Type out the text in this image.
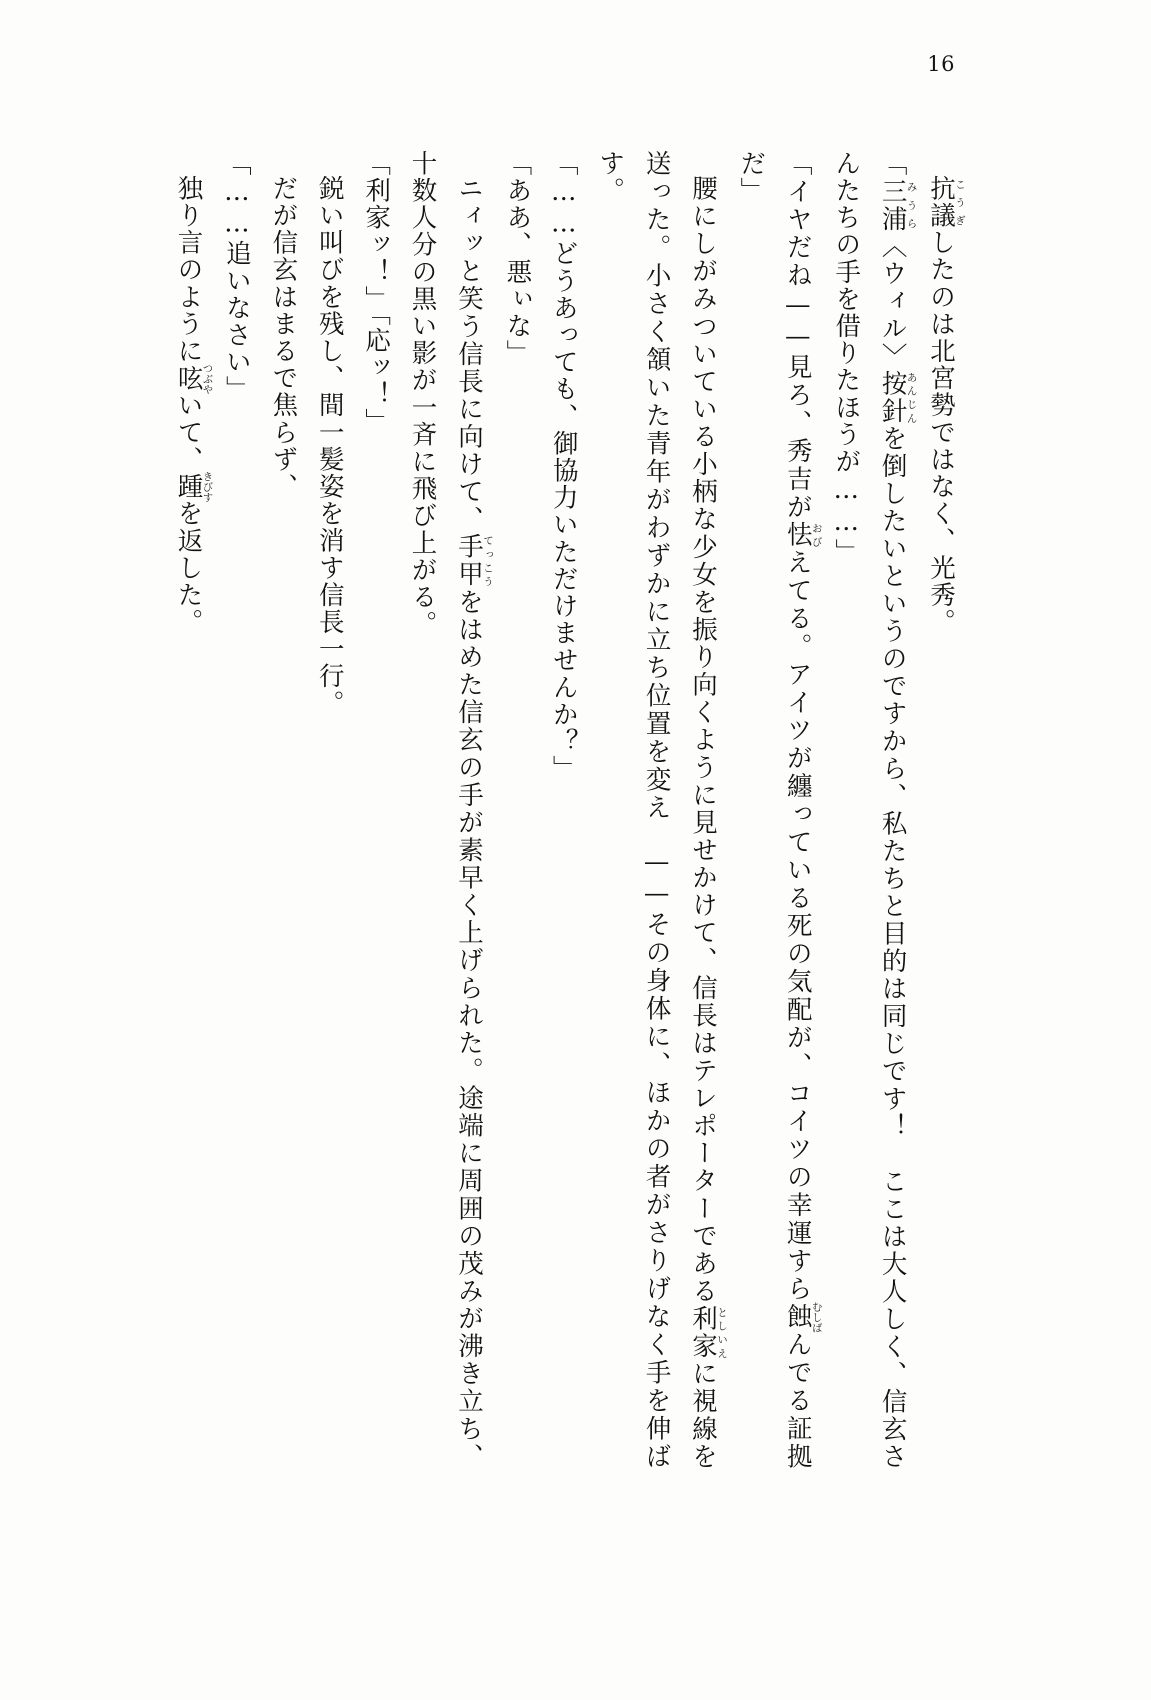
16

抗議こうぎしたのは北宮勢ではなく、光秀。

「三浦みうら〈ウィル〉按針あんじんを倒したいというのですから、私たちと目的は同じです！　ここは大人しく、信玄さんたちの手を借りたほうが……」

「イヤだね——見ろ、秀吉が怯おびえてる。アイツが纏っている死の気配が、コイツの幸運すら蝕むしばんでる証拠だ」

腰にしがみついている小柄な少女を振り向くように見せかけて、信長はテレポーターである利家としいえに視線を送った。小さく頷いた青年がわずかに立ち位置を変え——その身体に、ほかの者がさりげなく手を伸ばす。

「……どうあっても、御協力いただけませんか？」

「ああ、悪ぃな」

ニィッと笑う信長に向けて、手甲てっこうをはめた信玄の手が素早く上げられた。途端に周囲の茂みが沸き立ち、十数人分の黒い影が一斉に飛び上がる。

「利家ッ！」「応ッ！」

鋭い叫びを残し、間一髪姿を消す信長一行。

だが信玄はまるで焦らず、

「……追いなさい」

独り言のように呟つぶやいて、踵きびすを返した。
